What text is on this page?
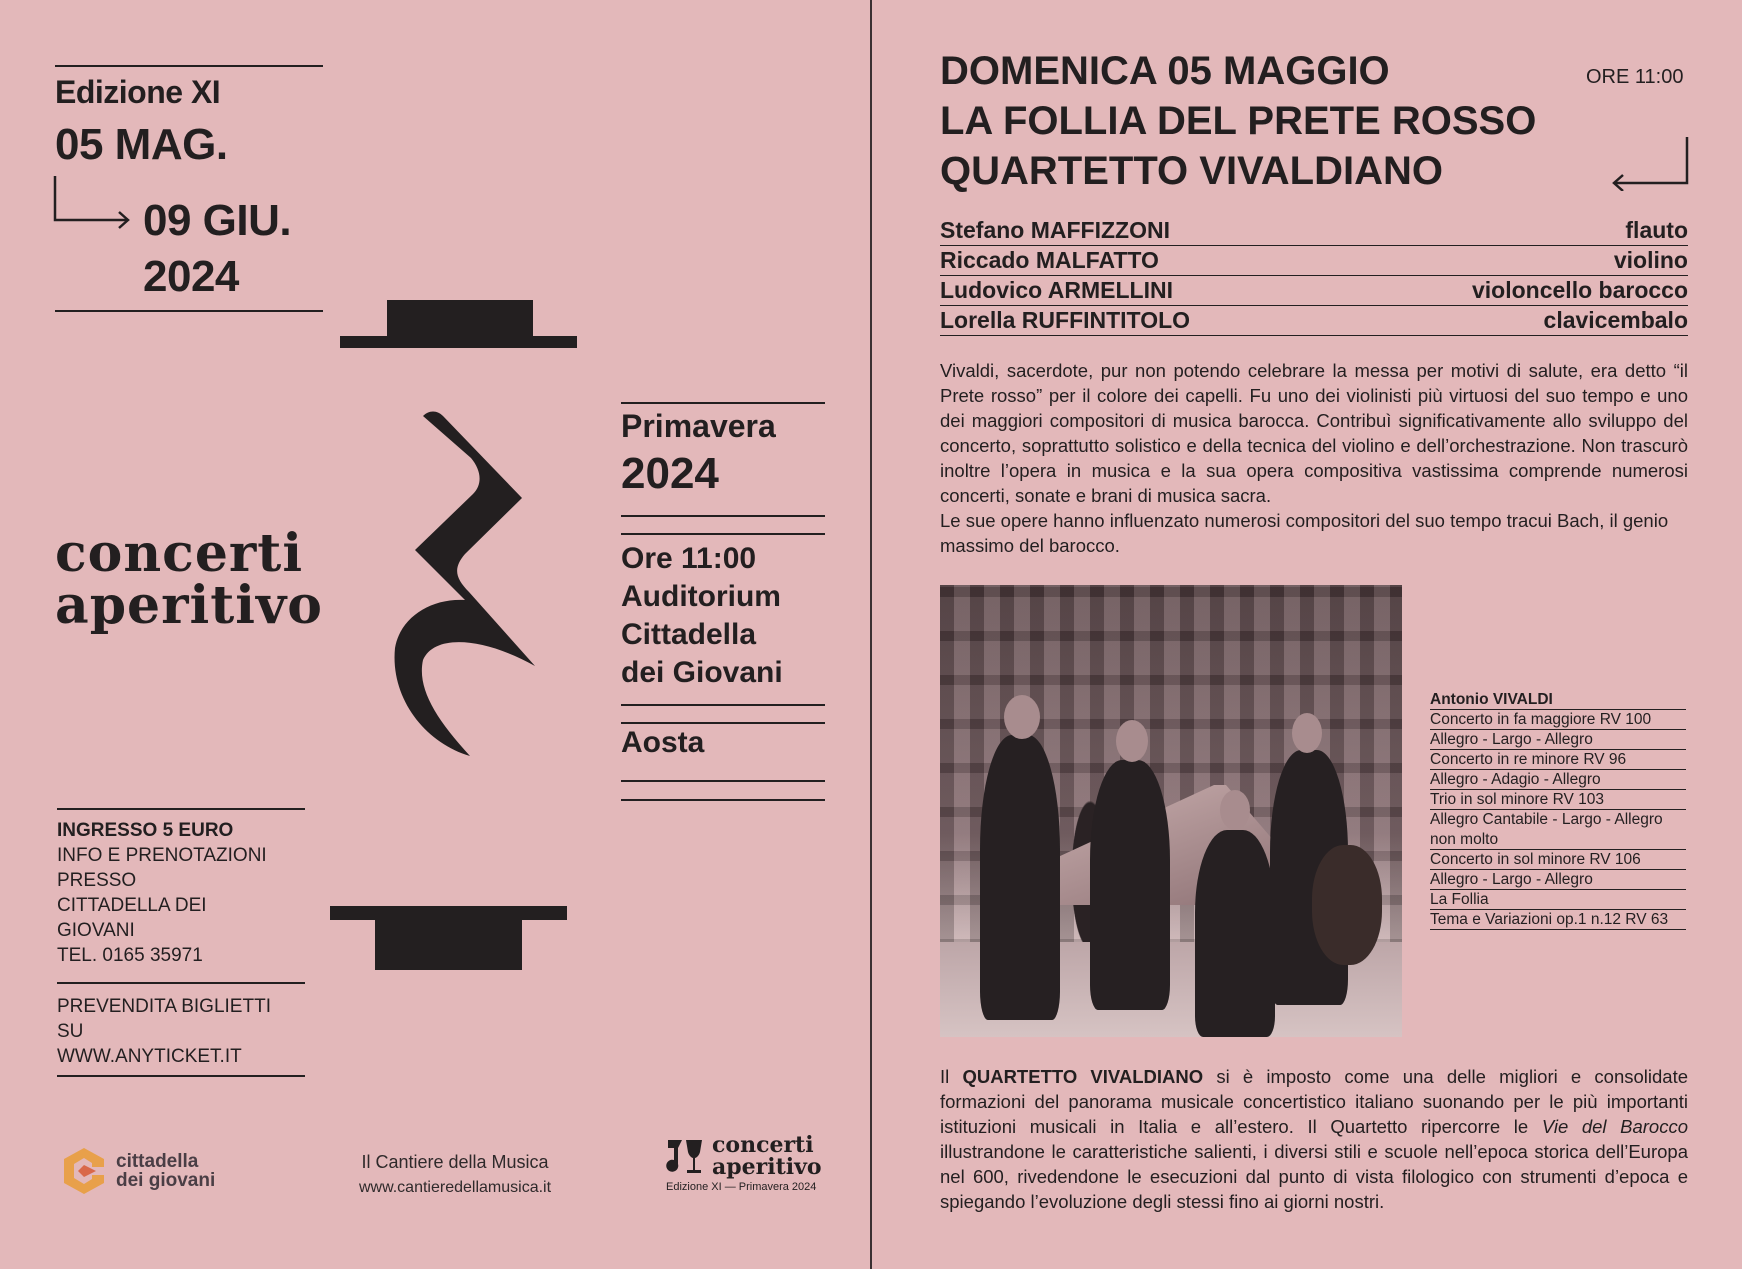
Edizione XI
05 MAG.
09 GIU.
2024
concerti
aperitivo
Primavera
2024
Ore 11:00
Auditorium
Cittadella
dei Giovani
Aosta
INGRESSO 5 EURO
INFO E PRENOTAZIONI
PRESSO
CITTADELLA DEI
GIOVANI
TEL. 0165 35971
PREVENDITA BIGLIETTI
SU
WWW.ANYTICKET.IT
cittadella
dei giovani
Il Cantiere della Musica
www.cantieredellamusica.it
concerti
aperitivo
Edizione XI — Primavera 2024
DOMENICA 05 MAGGIO
LA FOLLIA DEL PRETE ROSSO
QUARTETTO VIVALDIANO
ORE 11:00
Stefano MAFFIZZONI	flauto
Riccado MALFATTO	violino
Ludovico ARMELLINI	violoncello barocco
Lorella RUFFINTITOLO	clavicembalo
Vivaldi, sacerdote, pur non potendo celebrare la messa per motivi di salute, era detto “il Prete rosso” per il colore dei capelli. Fu uno dei violinisti più virtuosi del suo tempo e uno dei maggiori compositori di musica barocca. Contribuì significativamente allo sviluppo del concerto, soprattutto solistico e della tecnica del violino e dell’orchestrazione. Non trascurò inoltre l’opera in musica e la sua opera compositiva vastissima comprende numerosi concerti, sonate e brani di musica sacra.
Le sue opere hanno influenzato numerosi compositori del suo tempo tracui Bach, il genio massimo del barocco.
Antonio VIVALDI
Concerto in fa maggiore RV 100
Allegro - Largo - Allegro
Concerto in re minore RV 96
Allegro - Adagio - Allegro
Trio in sol minore RV 103
Allegro Cantabile - Largo - Allegro
non molto
Concerto in sol minore RV 106
Allegro - Largo - Allegro
La Follia
Tema e Variazioni op.1 n.12 RV 63
Il QUARTETTO VIVALDIANO si è imposto come una delle migliori e consolidate formazioni del panorama musicale concertistico italiano suonando per le più importanti istituzioni musicali in Italia e all’estero. Il Quartetto ripercorre le Vie del Barocco illustrandone le caratteristiche salienti, i diversi stili e scuole nell’epoca storica dell’Europa nel 600, rivedendone le esecuzioni dal punto di vista filologico con strumenti d’epoca e spiegando l’evoluzione degli stessi fino ai giorni nostri.
